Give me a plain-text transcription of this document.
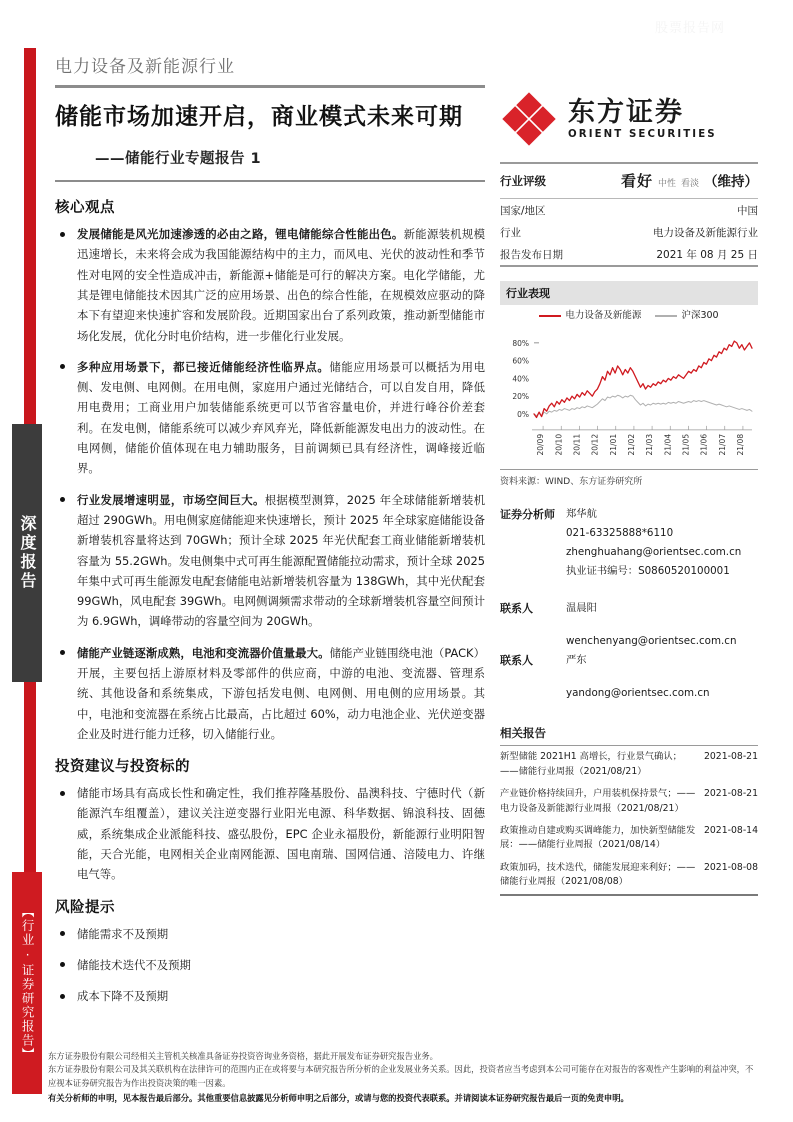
股票报告网
深度报告
【行业·证券研究报告】
电力设备及新能源行业
储能市场加速开启，商业模式未来可期
——储能行业专题报告 1
核心观点
发展储能是风光加速渗透的必由之路，锂电储能综合性能出色。新能源装机规模迅速增长，未来将会成为我国能源结构中的主力，而风电、光伏的波动性和季节性对电网的安全性造成冲击，新能源+储能是可行的解决方案。电化学储能，尤其是锂电储能技术因其广泛的应用场景、出色的综合性能，在规模效应驱动的降本下有望迎来快速扩容和发展阶段。近期国家出台了系列政策，推动新型储能市场化发展，优化分时电价结构，进一步催化行业发展。
多种应用场景下，都已接近储能经济性临界点。储能应用场景可以概括为用电侧、发电侧、电网侧。在用电侧，家庭用户通过光储结合，可以自发自用，降低用电费用；工商业用户加装储能系统更可以节省容量电价，并进行峰谷价差套利。在发电侧，储能系统可以减少弃风弃光，降低新能源发电出力的波动性。在电网侧，储能价值体现在电力辅助服务，目前调频已具有经济性，调峰接近临界。
行业发展增速明显，市场空间巨大。根据模型测算，2025 年全球储能新增装机超过 290GWh。用电侧家庭储能迎来快速增长，预计 2025 年全球家庭储能设备新增装机容量将达到 70GWh；预计全球 2025 年光伏配套工商业储能新增装机容量为 55.2GWh。发电侧集中式可再生能源配置储能拉动需求，预计全球 2025 年集中式可再生能源发电配套储能电站新增装机容量为 138GWh，其中光伏配套 99GWh，风电配套 39GWh。电网侧调频需求带动的全球新增装机容量空间预计为 6.9GWh，调峰带动的容量空间为 20GWh。
储能产业链逐渐成熟，电池和变流器价值量最大。储能产业链围绕电池（PACK）开展，主要包括上游原材料及零部件的供应商，中游的电池、变流器、管理系统、其他设备和系统集成，下游包括发电侧、电网侧、用电侧的应用场景。其中，电池和变流器在系统占比最高，占比超过 60%，动力电池企业、光伏逆变器企业及时进行能力迁移，切入储能行业。
投资建议与投资标的
储能市场具有高成长性和确定性，我们推荐隆基股份、晶澳科技、宁德时代（新能源汽车组覆盖），建议关注逆变器行业阳光电源、科华数据、锦浪科技、固德威，系统集成企业派能科技、盛弘股份，EPC 企业永福股份，新能源行业明阳智能，天合光能，电网相关企业南网能源、国电南瑞、国网信通、涪陵电力、许继电气等。
风险提示
储能需求不及预期
储能技术迭代不及预期
成本下降不及预期
东方证券
ORIENT SECURITIES
行业评级	看好 中性 看淡 （维持）
国家/地区	中国
行业	电力设备及新能源行业
报告发布日期	2021 年 08 月 25 日
行业表现
电力设备及新能源	沪深300
0%
20%
40%
60%
80%
20/09 20/10 20/11 20/12 21/01 21/02 21/03 21/04 21/05 21/06 21/07 21/08
资料来源：WIND、东方证券研究所
证券分析师	郑华航
021-63325888*6110
zhenghuahang@orientsec.com.cn
执业证书编号：S0860520100001
联系人	温晨阳
wenchenyang@orientsec.com.cn
联系人	严东
yandong@orientsec.com.cn
相关报告
新型储能 2021H1 高增长，行业景气确认；——储能行业周报（2021/08/21）	2021-08-21
产业链价格持续回升，户用装机保持景气；——电力设备及新能源行业周报（2021/08/21）	2021-08-21
政策推动自建或购买调峰能力，加快新型储能发展：——储能行业周报（2021/08/14）	2021-08-14
政策加码，技术迭代，储能发展迎来利好；——储能行业周报（2021/08/08）	2021-08-08
东方证券股份有限公司经相关主管机关核准具备证券投资咨询业务资格，据此开展发布证券研究报告业务。
东方证券股份有限公司及其关联机构在法律许可的范围内正在或将要与本研究报告所分析的企业发展业务关系。因此，投资者应当考虑到本公司可能存在对报告的客观性产生影响的利益冲突，不应视本证券研究报告为作出投资决策的唯一因素。
有关分析师的申明，见本报告最后部分。其他重要信息披露见分析师申明之后部分，或请与您的投资代表联系。并请阅读本证券研究报告最后一页的免责申明。
